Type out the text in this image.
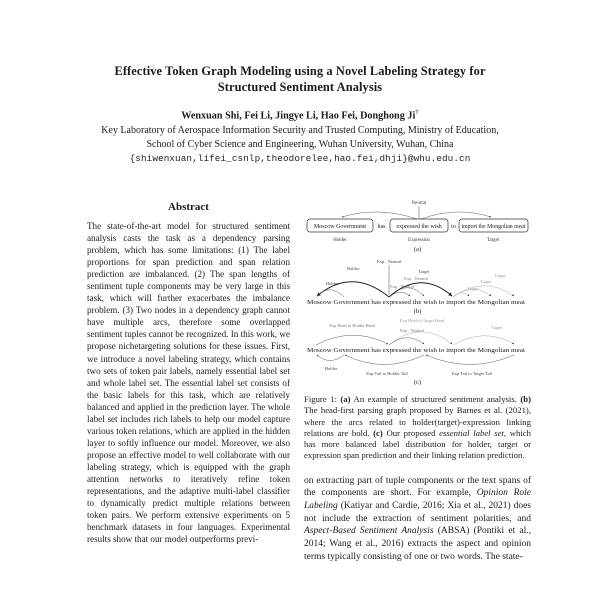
Effective Token Graph Modeling using a Novel Labeling Strategy for Structured Sentiment Analysis
Wenxuan Shi, Fei Li, Jingye Li, Hao Fei, Donghong Ji†
Key Laboratory of Aerospace Information Security and Trusted Computing, Ministry of Education, School of Cyber Science and Engineering, Wuhan University, Wuhan, China
{shiwenxuan,lifei_csnlp,theodorelee,hao.fei,dhji}@whu.edu.cn
Abstract

The state-of-the-art model for structured sentiment analysis casts the task as a dependency parsing problem, which has some limitations: (1) The label proportions for span prediction and span relation prediction are imbalanced. (2) The span lengths of sentiment tuple components may be very large in this task, which will further exacerbates the imbalance problem. (3) Two nodes in a dependency graph cannot have multiple arcs, therefore some overlapped sentiment tuples cannot be recognized. In this work, we propose nichetargeting solutions for these issues. First, we introduce a novel labeling strategy, which contains two sets of token pair labels, namely essential label set and whole label set. The essential label set consists of the basic labels for this task, which are relatively balanced and applied in the prediction layer. The whole label set includes rich labels to help our model capture various token relations, which are applied in the hidden layer to softly influence our model. Moreover, we also propose an effective model to well collaborate with our labeling strategy, which is equipped with the graph attention networks to iteratively refine token representations, and the adaptive multi-label classifier to dynamically predict multiple relations between token pairs. We perform extensive experiments on 5 benchmark datasets in four languages. Experimental results show that our model outperforms previ-

Neutral
Moscow Government has expressed the wish to import the Mongolian meat
Holder	Expression	Target
(a)
Exp : Neutral
Holder
Holder
Exp : Neutral
Exp : Neutral
Target
Target
Target
Target
Moscow Government has expressed the wish to import the Mongolian meat
(b)
Exp Head to Holder Head
Exp Head to Target Head
Exp : Neutral
Target
Moscow Government has expressed the wish to import the Mongolian meat
Holder
Exp Tail to Holder Tail	Exp Tail to Target Tail
(c)

Figure 1: (a) An example of structured sentiment analysis. (b) The head-first parsing graph proposed by Barnes et al. (2021), where the arcs related to holder(target)-expression linking relations are bold. (c) Our proposed essential label set, which has more balanced label distribution for holder, target or expression span prediction and their linking relation prediction.

on extracting part of tuple components or the text spans of the components are short. For example, Opinion Role Labeling (Katiyar and Cardie, 2016; Xia et al., 2021) does not include the extraction of sentiment polarities, and Aspect-Based Sentiment Analysis (ABSA) (Pontiki et al., 2014; Wang et al., 2016) extracts the aspect and opinion terms typically consisting of one or two words. The state-
